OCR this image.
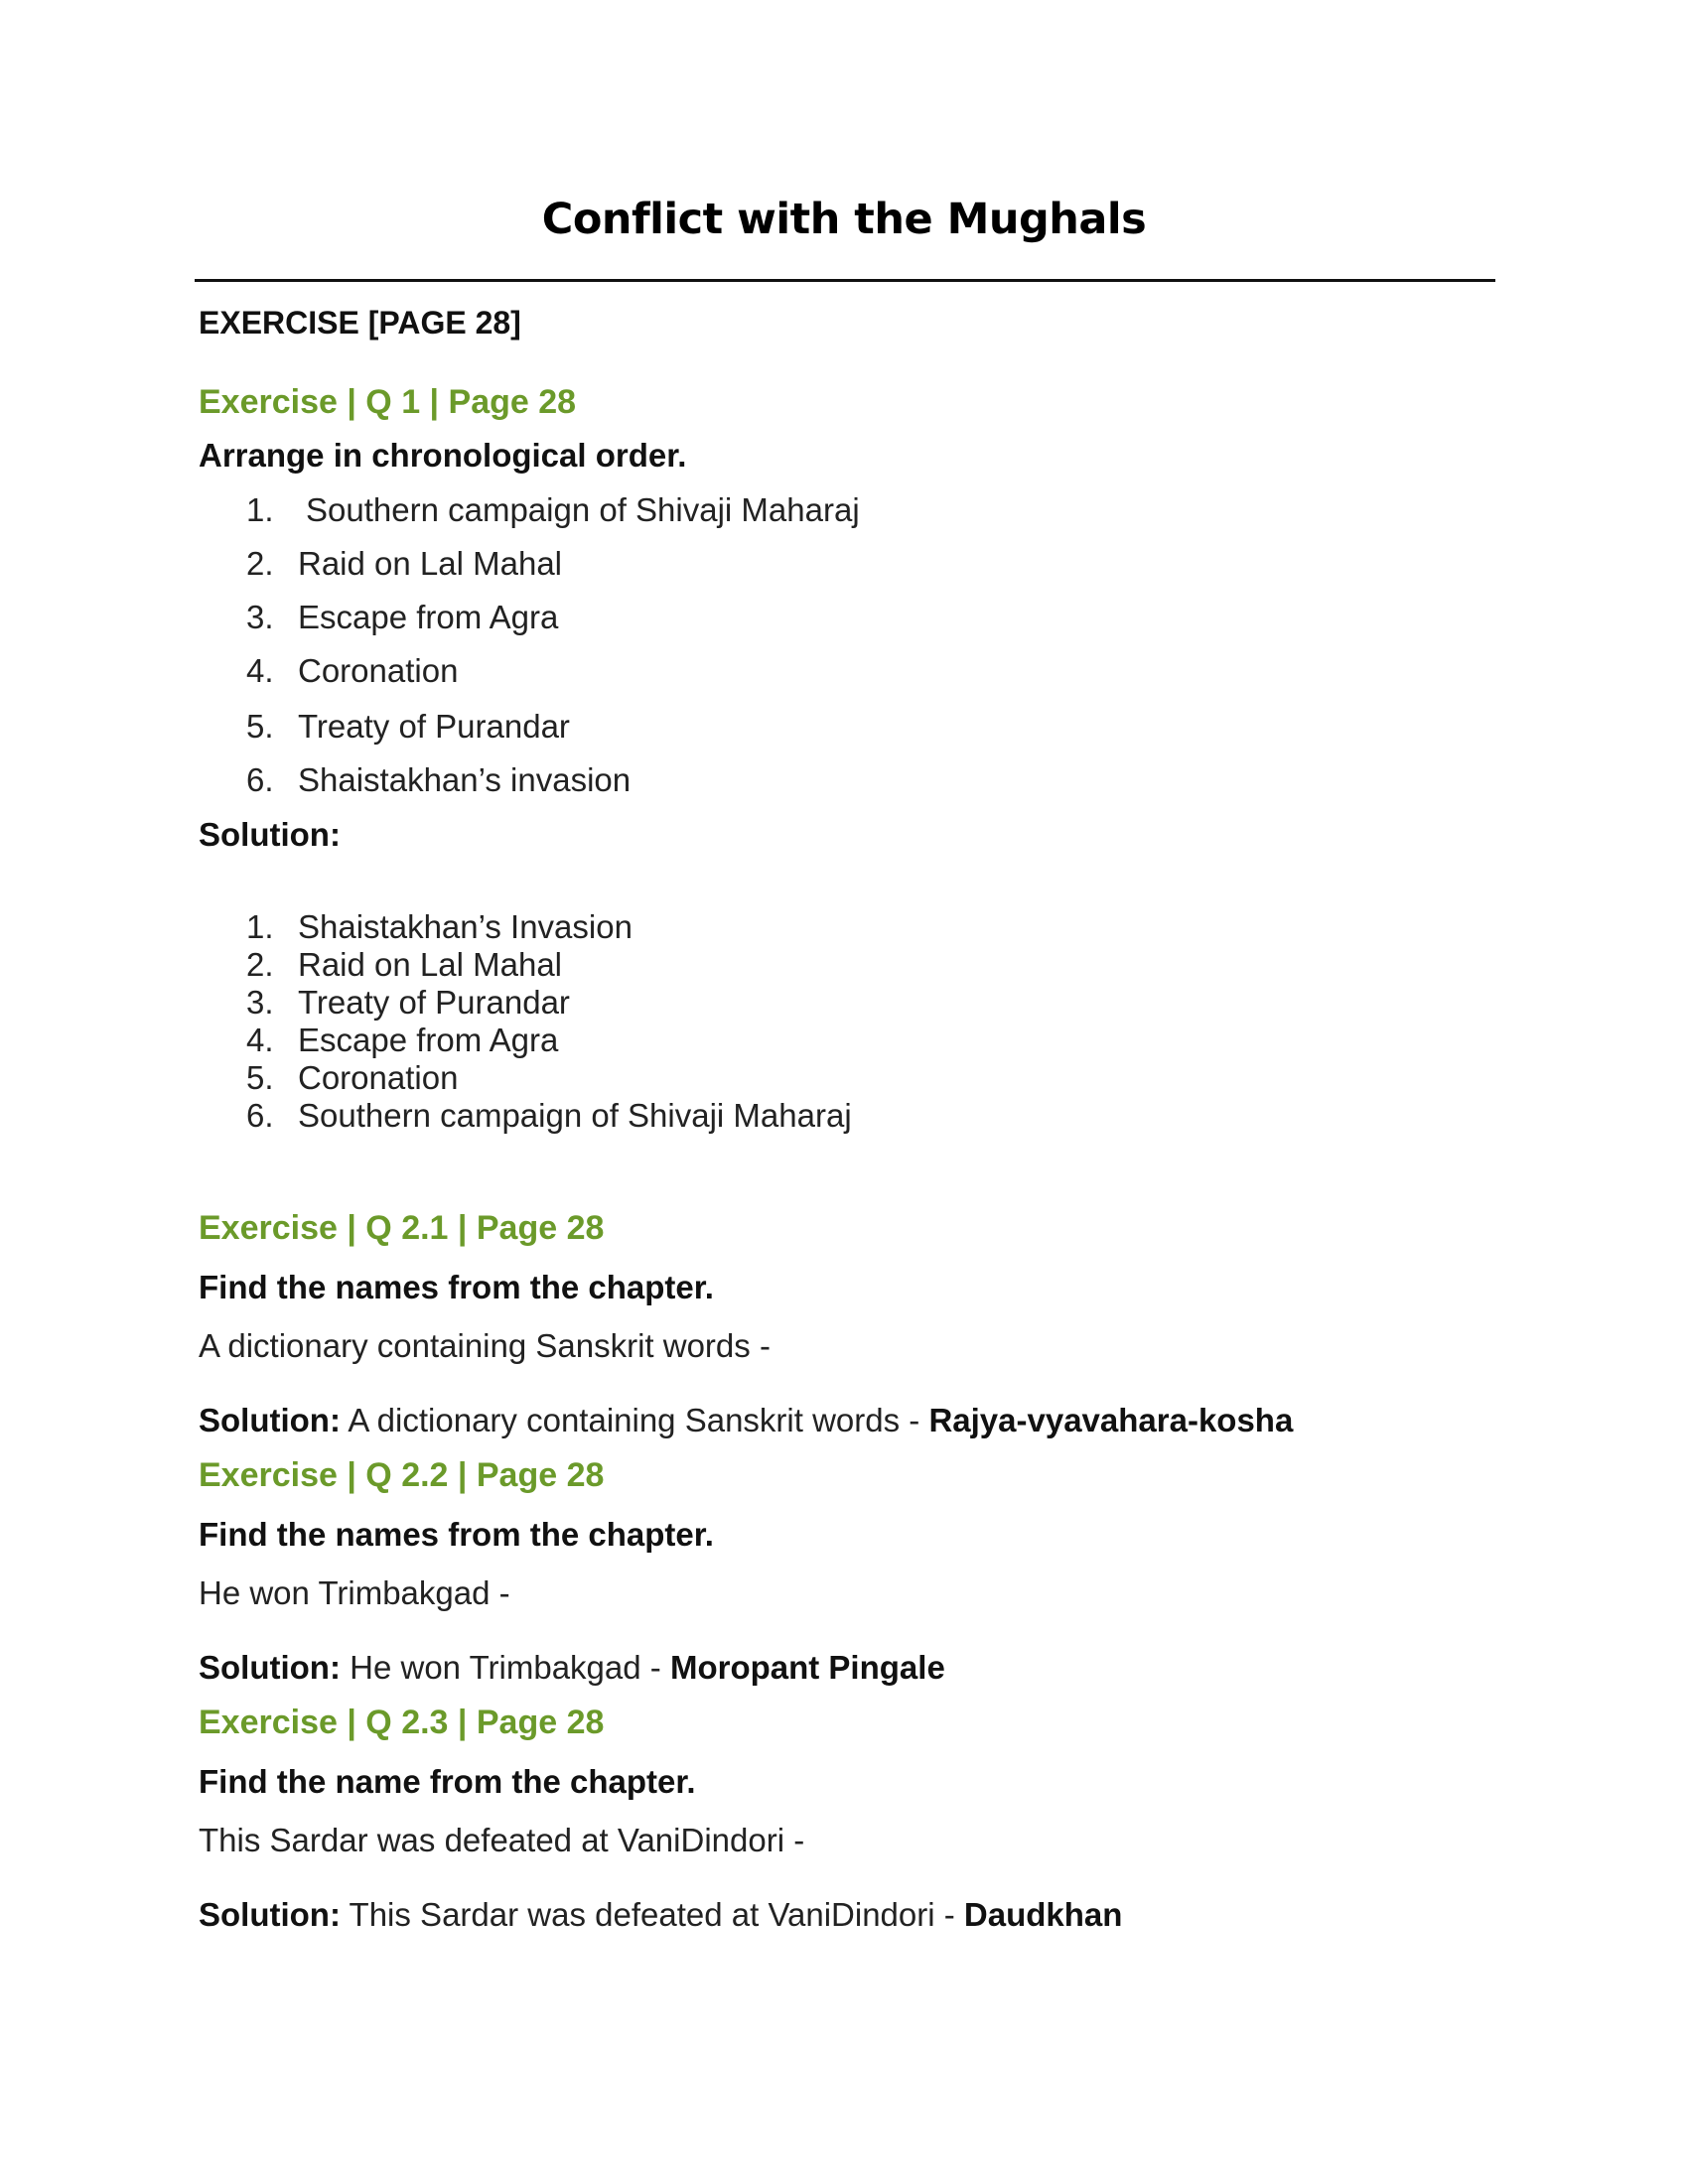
Conflict with the Mughals
EXERCISE [PAGE 28]
Exercise | Q 1 | Page 28
Arrange in chronological order.
1. Southern campaign of Shivaji Maharaj
2. Raid on Lal Mahal
3. Escape from Agra
4. Coronation
5. Treaty of Purandar
6. Shaistakhan’s invasion
Solution:
1. Shaistakhan’s Invasion
2. Raid on Lal Mahal
3. Treaty of Purandar
4. Escape from Agra
5. Coronation
6. Southern campaign of Shivaji Maharaj
Exercise | Q 2.1 | Page 28
Find the names from the chapter.
A dictionary containing Sanskrit words -
Solution: A dictionary containing Sanskrit words - Rajya-vyavahara-kosha
Exercise | Q 2.2 | Page 28
Find the names from the chapter.
He won Trimbakgad -
Solution: He won Trimbakgad - Moropant Pingale
Exercise | Q 2.3 | Page 28
Find the name from the chapter.
This Sardar was defeated at VaniDindori -
Solution: This Sardar was defeated at VaniDindori - Daudkhan
